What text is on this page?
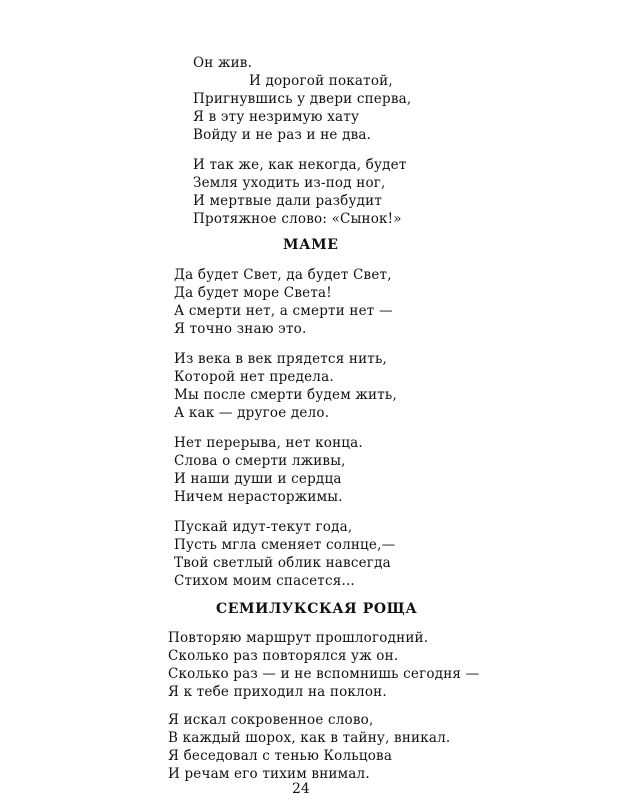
Он жив.
И дорогой покатой,
Пригнувшись у двери сперва,
Я в эту незримую хату
Войду и не раз и не два.
И так же, как некогда, будет
Земля уходить из-под ног,
И мертвые дали разбудит
Протяжное слово: «Сынок!»
МАМЕ
Да будет Свет, да будет Свет,
Да будет море Света!
А смерти нет, а смерти нет —
Я точно знаю это.
Из века в век прядется нить,
Которой нет предела.
Мы после смерти будем жить,
А как — другое дело.
Нет перерыва, нет конца.
Слова о смерти лживы,
И наши души и сердца
Ничем нерасторжимы.
Пускай идут-текут года,
Пусть мгла сменяет солнце,—
Твой светлый облик навсегда
Стихом моим спасется...
СЕМИЛУКСКАЯ РОЩА
Повторяю маршрут прошлогодний.
Сколько раз повторялся уж он.
Сколько раз — и не вспомнишь сегодня —
Я к тебе приходил на поклон.
Я искал сокровенное слово,
В каждый шорох, как в тайну, вникал.
Я беседовал с тенью Кольцова
И речам его тихим внимал.
24
